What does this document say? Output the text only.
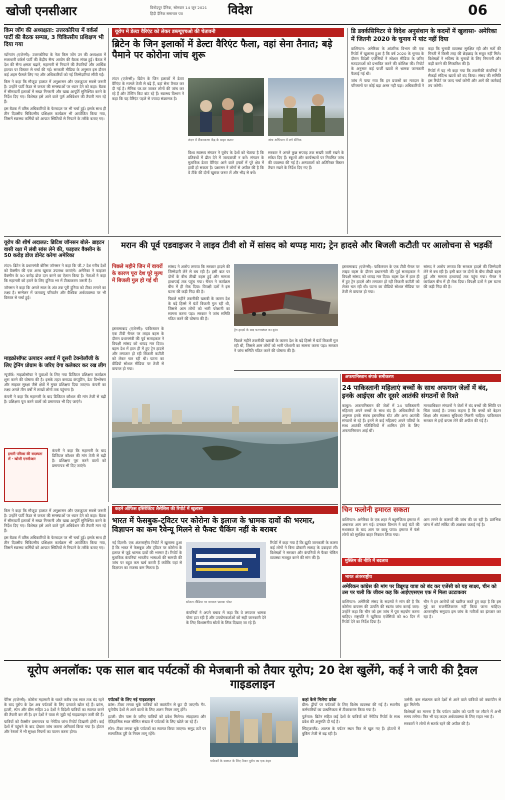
खोजी एनसीआर	विनोदपुर दैनिक, सोमवार 14 जून 2021
हिंदी दैनिक समाचार पत्र	विदेश	06
किम जोंग की अध्यक्षता: उत्तरकोरिया में वर्कर्स पार्टी की बैठक सम्पन्न, 3 चिकित्सीय प्रशिक्षण भी दिया गया

प्योंग्यांग (एजेन्सी): उत्तरकोरिया के नेता किम जोंग उन की अध्यक्षता में सत्ताधारी वर्कर्स पार्टी की केंद्रीय सैन्य आयोग की बैठक संपन्न हुई। बैठक में देश की सैन्य क्षमता बढ़ाने, महामारी से निपटने की तैयारियों और आर्थिक हालात पर विस्तार से चर्चा की गई। सरकारी मीडिया के अनुसार इस दौरान कई अहम फैसले लिए गए और अधिकारियों को नई जिम्मेदारियां सौंपी गईं।

किम ने कहा कि मौजूदा हालात में अनुशासन और एकजुटता सबसे जरूरी है। उन्होंने पार्टी कैडर से जनता की समस्याओं पर ध्यान देने को कहा। बैठक में सीमावर्ती इलाकों में सख्त निगरानी और खाद्य आपूर्ति सुनिश्चित करने के निर्देश दिए गए। विशेषज्ञ इसे आने वाले पूर्ण अधिवेशन की तैयारी मान रहे हैं।

इस बैठक में वरिष्ठ अधिकारियों के फेरबदल पर भी चर्चा हुई। इसके साथ ही तीन दिवसीय चिकित्सीय प्रशिक्षण कार्यक्रम भी आयोजित किया गया, जिसमें स्वास्थ्य कर्मियों को आपात स्थितियों से निपटने के तरीके बताए गए।

यूरोप में डेल्टा वैरिएंट को लेकर डब्ल्यूएचओ की चेतावनी
ब्रिटेन के जिन इलाकों में डेल्टा वैरिएंट फैला, वहां सेना तैनात; बड़े पैमाने पर कोरोना जांच शुरू

लंदन (एजेन्सी): ब्रिटेन के जिन इलाकों में डेल्टा वैरिएंट के मामले तेजी से बढ़े हैं, वहां सेना तैनात कर दी गई है। सैनिक घर-घर जाकर लोगों की जांच कर रहे हैं और टेस्टिंग किट बांट रहे हैं। स्वास्थ्य विभाग ने कहा कि यह वैरिएंट पहले से ज्यादा संक्रामक है।

लंदन में टीकाकरण केंद्र के बाहर कतार	जांच अभियान में लगे सैनिक

विश्व स्वास्थ्य संगठन ने यूरोप के देशों को चेताया है कि प्रतिबंधों में ढील देने में जल्दबाजी न करें। संगठन के मुताबिक डेल्टा वैरिएंट आने वाले हफ्तों में पूरे क्षेत्र में हावी हो सकता है। प्रशासन ने लोगों से अपील की है कि वे टीके की दोनों खुराक जरूर लें और भीड़ से बचें।

सरकार ने अगले कुछ सप्ताह तक सख्ती जारी रखने के संकेत दिए हैं। स्कूलों और कार्यस्थलों पर नियमित जांच की व्यवस्था की गई है। अस्पतालों को अतिरिक्त बिस्तर तैयार रखने के निर्देश दिए गए हैं।

डि डवर्कसिमिटर से विदेश अनुसंधान के कदमों में खुलासा- अमेरिका में जितनी 2020 के चुनाव में यांट नहीं दिया

वाशिंगटन: अमेरिका के आंतरिक विभाग की एक रिपोर्ट में खुलासा हुआ है कि वर्ष 2020 के चुनाव के दौरान विदेशी एजेंसियों ने सोशल मीडिया के जरिए मतदाताओं को प्रभावित करने की कोशिश की। रिपोर्ट के अनुसार कई फर्जी खातों से भ्रामक जानकारी फैलाई गई थी।

जांच में पाया गया कि इन प्रयासों का मतदान के परिणामों पर कोई बड़ा असर नहीं पड़ा। अधिकारियों ने कहा कि चुनावी व्यवस्था सुरक्षित रही और मतों की गिनती में किसी तरह की छेड़छाड़ के सबूत नहीं मिले। विशेषज्ञों ने भविष्य के चुनावों के लिए निगरानी और कड़ी करने की सिफारिश की है।

रिपोर्ट में यह भी कहा गया कि तकनीकी कंपनियों ने सैकड़ों संदिग्ध खातों को बंद किया। संसद की समिति इस रिपोर्ट पर जल्द चर्चा करेगी और आगे की कार्रवाई तय करेगी।

यूरोप की शीर्ष अदालत: ब्रिटिश जॉनसन बोले- ब्राइटन वासी रक्षा में लंबी सांस लेने की, फाइजर वैक्सीन के 50 करोड़ डोज डोनेट करेगा अमेरिका

लंदन: ब्रिटेन के प्रधानमंत्री बोरिस जॉनसन ने कहा कि जी-7 देश गरीब देशों को वैक्सीन की एक अरब खुराक उपलब्ध कराएंगे। अमेरिका ने फाइजर वैक्सीन के 50 करोड़ डोज दान करने का ऐलान किया है। नेताओं ने कहा कि महामारी को हराने के लिए दुनिया भर में टीकाकरण जरूरी है।

जॉनसन ने कहा कि अगले साल के अंत तक पूरी दुनिया को टीका लगाने का लक्ष्य है। सम्मेलन में जलवायु परिवर्तन और वैश्विक अर्थव्यवस्था पर भी विस्तार से चर्चा हुई।

माइक्रोसॉफ्ट उत्पादन अवार्ड में दूसरी टेक्नोलॉजी के लिए ट्रेनिंग प्रोग्राम के जरिए देगा कलेक्टर कर रख लीग

न्यूयॉर्क: माइक्रोसॉफ्ट ने युवाओं के लिए नया डिजिटल प्रशिक्षण कार्यक्रम शुरू करने की घोषणा की है। इसके तहत क्लाउड कंप्यूटिंग, डेटा विश्लेषण और साइबर सुरक्षा जैसे क्षेत्रों में मुफ्त प्रशिक्षण दिया जाएगा। कंपनी का लक्ष्य अगले तीन वर्षों में लाखों लोगों तक पहुंचना है।

कंपनी ने कहा कि महामारी के बाद डिजिटल कौशल की मांग तेजी से बढ़ी है। प्रशिक्षण पूरा करने वालों को प्रमाणपत्र भी दिए जाएंगे।

हमारी पत्रिका की सदस्यता लें - खोजी एनसीआर

कंपनी ने कहा कि महामारी के बाद डिजिटल कौशल की मांग तेजी से बढ़ी है। प्रशिक्षण पूरा करने वालों को प्रमाणपत्र भी दिए जाएंगे।

मरान की पूर्व एडवाइजर ने लाइव टीवी शो में सांसद को थप्पड़ मारा; ट्रेन हादसे और बिजली कटौती पर आलोचना से भड़कीं
पिछले महीने जिन में वायरों के कारण पूरा देश घूरे मूल्य में बिजली गुल हो गई थी

इस्लामाबाद (एजेन्सी): पाकिस्तान के एक टीवी चैनल पर लाइव बहस के दौरान प्रधानमंत्री की पूर्व सलाहकार ने विपक्षी सांसद को थप्पड़ मार दिया। बहस देश में हाल ही में हुए ट्रेन हादसे और लगातार हो रही बिजली कटौती को लेकर चल रही थी। घटना का वीडियो सोशल मीडिया पर तेजी से वायरल हो गया।

सांसद ने आरोप लगाया कि सरकार हादसे की जिम्मेदारी लेने से बच रही है। इसी बात पर दोनों के बीच तीखी बहस हुई और मामला हाथापाई तक पहुंच गया। चैनल ने कार्यक्रम बीच में ही रोक दिया। विपक्षी दलों ने इस घटना की कड़ी निंदा की है।

पिछले महीने तकनीकी खराबी के कारण देश के बड़े हिस्से में घंटों बिजली गुल रही थी, जिससे आम लोगों को भारी परेशानी का सामना करना पड़ा। सरकार ने जांच समिति गठित करने की घोषणा की है।

ट्रेन हादसे के बाद घटनास्थल का दृश्य

पिछले महीने तकनीकी खराबी के कारण देश के बड़े हिस्से में घंटों बिजली गुल रही थी, जिससे आम लोगों को भारी परेशानी का सामना करना पड़ा। सरकार ने जांच समिति गठित करने की घोषणा की है।

इस्लामाबाद (एजेन्सी): पाकिस्तान के एक टीवी चैनल पर लाइव बहस के दौरान प्रधानमंत्री की पूर्व सलाहकार ने विपक्षी सांसद को थप्पड़ मार दिया। बहस देश में हाल ही में हुए ट्रेन हादसे और लगातार हो रही बिजली कटौती को लेकर चल रही थी। घटना का वीडियो सोशल मीडिया पर तेजी से वायरल हो गया।

सांसद ने आरोप लगाया कि सरकार हादसे की जिम्मेदारी लेने से बच रही है। इसी बात पर दोनों के बीच तीखी बहस हुई और मामला हाथापाई तक पहुंच गया। चैनल ने कार्यक्रम बीच में ही रोक दिया। विपक्षी दलों ने इस घटना की कड़ी निंदा की है।

अफगानिस्तान संपर्क समीकरण
24 पाकिस्तानी महिलाएं बच्चों के साथ अफगान जेलों में बंद, इनके आईएस और दूसरे आतंकी संगठनों से रिश्ते

काबुल: अफगानिस्तान की जेलों में 24 पाकिस्तानी महिलाएं अपने बच्चों के साथ बंद हैं। अधिकारियों के अनुसार इनके संबंध इस्लामिक स्टेट और अन्य आतंकी संगठनों से रहे हैं। इनमें से कई महिलाएं अपने पतियों के साथ आतंकी गतिविधियों में शामिल होने के लिए अफगानिस्तान आई थीं।

मानवाधिकार संगठनों ने जेलों में बंद बच्चों की स्थिति पर चिंता जताई है। उनका कहना है कि बच्चों को बेहतर शिक्षा और स्वास्थ्य सुविधाएं मिलनी चाहिए। पाकिस्तान सरकार से इन्हें वापस लेने की अपील की गई है।

चिन फलोनी इमारत सकता

वाशिंगटन: अमेरिका के एक शहर में बहुमंजिला इमारत में अचानक आग लग गई। दमकल विभाग ने कई घंटों की मशक्कत के बाद आग पर काबू पाया। इमारत में फंसे लोगों को सुरक्षित बाहर निकाल लिया गया।

आग लगने के कारणों की जांच की जा रही है। प्रारंभिक जांच में शॉर्ट सर्किट की आशंका जताई गई है।

मुस्लिम की नीति में बदलाव
कहने ऑफिस इसिरेक्टिव लैसेसिस की रिपोर्ट में खुलासा
भारत में फेसबुक-ट्विटर पर कोरोना के इलाज के भ्रामक दावों की भरमार, विज्ञापन का कम रैवेन्यू मिलने से फैक्ट चैकिंग नहीं के बराबर

नई दिल्ली: एक अंतरराष्ट्रीय रिपोर्ट में खुलासा हुआ है कि भारत में फेसबुक और ट्विटर पर कोरोना के इलाज से जुड़े भ्रामक दावों की भरमार है। रिपोर्ट के मुताबिक कंपनियां भारतीय भाषाओं की सामग्री की जांच पर बहुत कम खर्च करती हैं क्योंकि यहां से विज्ञापन का राजस्व कम मिलता है।

सोशल मीडिया पर वायरल भ्रामक पोस्ट

कंपनियों ने अपने बचाव में कहा कि वे लगातार भ्रामक पोस्ट हटा रही हैं और उपयोगकर्ताओं को सही जानकारी देने के लिए विश्वसनीय स्रोतों के लिंक दिखाए जा रहे हैं।

रिपोर्ट में कहा गया है कि झूठी जानकारी के कारण कई लोगों ने बिना डॉक्टरी सलाह के दवाइयां लीं। विशेषज्ञों ने सरकार और कंपनियों से फैक्ट चेकिंग व्यवस्था मजबूत करने की मांग की है।

भारत अंतरराष्ट्रीय
अमेरिकन कांग्रेस की मांग पर डिब्रूगढ़ यात्रा को बंद कर एजेंसी को यह साक्ष्य, चीन को उस पर चली कि जीवन कह कि आईएएसएस एक में मिला उटटाकवर

वाशिंगटन: अमेरिकी संसद के सदस्यों ने मांग की है कि कोरोना वायरस की उत्पत्ति की स्वतंत्र जांच कराई जाए। उन्होंने कहा कि चीन को इस जांच में पूरा सहयोग करना चाहिए। राष्ट्रपति ने खुफिया एजेंसियों को 90 दिन में रिपोर्ट देने का निर्देश दिया है।

चीन ने इन आरोपों को खारिज करते हुए कहा है कि इस मुद्दे का राजनीतिकरण नहीं किया जाना चाहिए। अंतरराष्ट्रीय समुदाय इस जांच के नतीजों का इंतजार कर रहा है।

किम ने कहा कि मौजूदा हालात में अनुशासन और एकजुटता सबसे जरूरी है। उन्होंने पार्टी कैडर से जनता की समस्याओं पर ध्यान देने को कहा। बैठक में सीमावर्ती इलाकों में सख्त निगरानी और खाद्य आपूर्ति सुनिश्चित करने के निर्देश दिए गए। विशेषज्ञ इसे आने वाले पूर्ण अधिवेशन की तैयारी मान रहे हैं।

इस बैठक में वरिष्ठ अधिकारियों के फेरबदल पर भी चर्चा हुई। इसके साथ ही तीन दिवसीय चिकित्सीय प्रशिक्षण कार्यक्रम भी आयोजित किया गया, जिसमें स्वास्थ्य कर्मियों को आपात स्थितियों से निपटने के तरीके बताए गए।

यूरोप अनलॉक: एक साल बाद पर्यटकों की मेजबानी को तैयार यूरोप; 20 देश खुलेंगे, कई ने जारी की ट्रैवल गाइडलाइन

पेरिस (एजेन्सी): कोरोना महामारी के चलते करीब एक साल तक बंद रहने के बाद यूरोप के देश अब पर्यटकों के लिए दरवाजे खोल रहे हैं। फ्रांस, इटली, स्पेन और ग्रीस सहित 20 देशों ने विदेशी यात्रियों का स्वागत करने की तैयारी कर ली है। इन देशों ने यात्रा से जुड़ी नई गाइडलाइन जारी की हैं।

यात्रियों को वैक्सीन प्रमाणपत्र या नेगेटिव जांच रिपोर्ट दिखानी होगी। कई देशों में पहुंचने के बाद दोबारा जांच कराना अनिवार्य किया गया है। होटल और रेस्तरां में भी सुरक्षा नियमों का पालन करना होगा।

पर्यटकों के लिए नई गाइडलाइन

फ्रांस: टीका लगवा चुके यात्रियों को क्वारंटीन से छूट दी जाएगी। गैर-यूरोपीय देशों से आने वालों के लिए अलग नियम लागू होंगे।

इटली: ग्रीन पास के जरिए यात्रियों को प्रवेश मिलेगा। संग्रहालय और ऐतिहासिक स्थल सीमित संख्या में पर्यटकों के लिए खोले जा रहे हैं।

स्पेन: टीका लगवा चुके पर्यटकों का स्वागत किया जाएगा। समुद्र तटों पर सामाजिक दूरी के नियम लागू रहेंगे।

पर्यटकों के स्वागत के लिए तैयार यूरोप का एक शहर
कहां कैसे मिलेगा प्रवेश

ग्रीस: द्वीपों पर पर्यटकों के लिए विशेष व्यवस्था की गई है। स्थानीय कर्मचारियों का प्राथमिकता से टीकाकरण किया गया है।

पुर्तगाल: ब्रिटेन सहित कई देशों के यात्रियों को नेगेटिव रिपोर्ट के साथ प्रवेश की अनुमति दी गई है।

स्विट्जरलैंड: आल्प्स के पर्यटन स्थल फिर से खुल गए हैं। होटलों में बुकिंग तेजी से बढ़ रही है।

जर्मनी: कम संक्रमण वाले देशों से आने वाले यात्रियों को क्वारंटीन से छूट मिलेगी।

विशेषज्ञों का मानना है कि पर्यटन उद्योग को पटरी पर लौटने में अभी समय लगेगा। फिर भी यह कदम अर्थव्यवस्था के लिए राहत भरा है।

सरकारों ने लोगों से सतर्क रहने की अपील की है।
